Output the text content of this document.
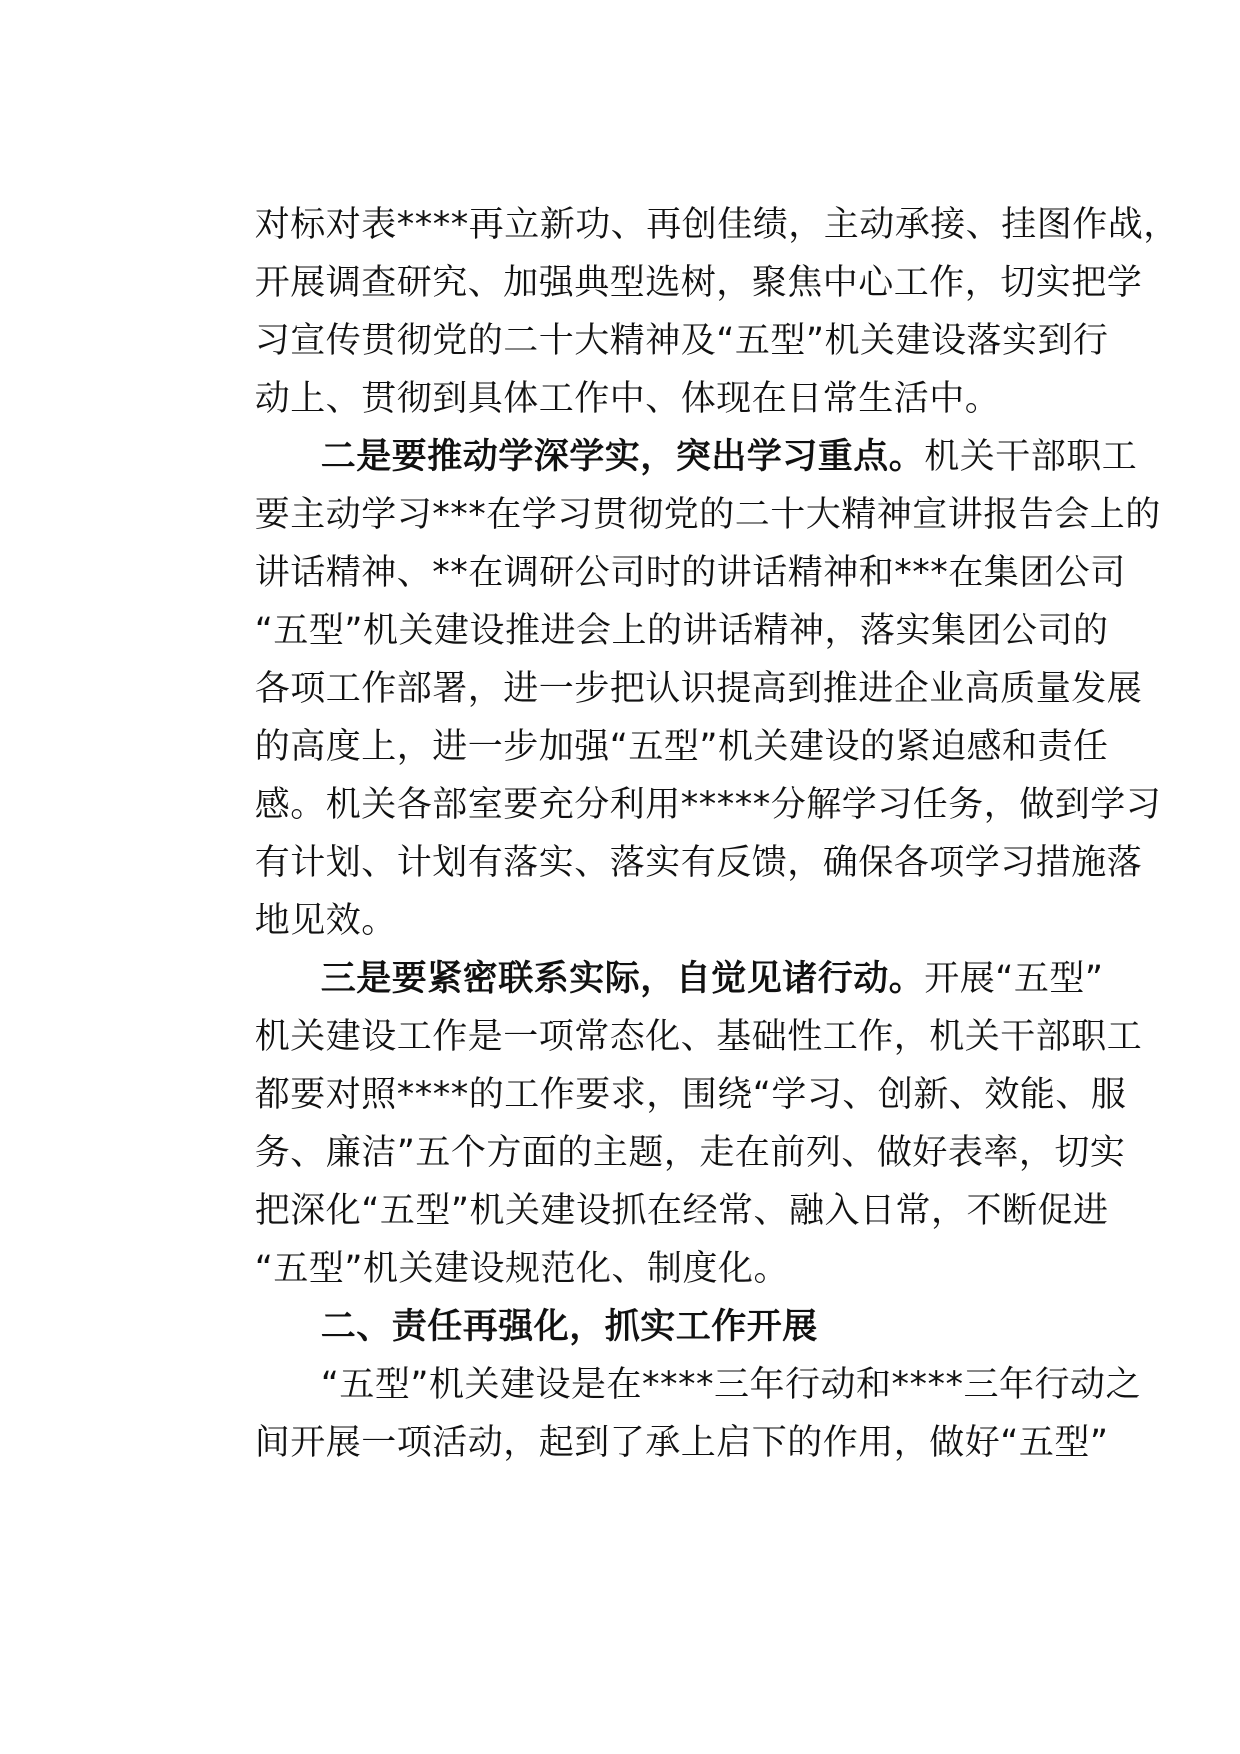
对标对表****再立新功、再创佳绩，主动承接、挂图作战，

开展调查研究、加强典型选树，聚焦中心工作，切实把学

习宣传贯彻党的二十大精神及“五型”机关建设落实到行

动上、贯彻到具体工作中、体现在日常生活中。

二是要推动学深学实，突出学习重点。机关干部职工

要主动学习***在学习贯彻党的二十大精神宣讲报告会上的

讲话精神、**在调研公司时的讲话精神和***在集团公司

“五型”机关建设推进会上的讲话精神，落实集团公司的

各项工作部署，进一步把认识提高到推进企业高质量发展

的高度上，进一步加强“五型”机关建设的紧迫感和责任

感。机关各部室要充分利用*****分解学习任务，做到学习

有计划、计划有落实、落实有反馈，确保各项学习措施落

地见效。

三是要紧密联系实际，自觉见诸行动。开展“五型”

机关建设工作是一项常态化、基础性工作，机关干部职工

都要对照****的工作要求，围绕“学习、创新、效能、服

务、廉洁”五个方面的主题，走在前列、做好表率，切实

把深化“五型”机关建设抓在经常、融入日常，不断促进

“五型”机关建设规范化、制度化。

二、责任再强化，抓实工作开展

“五型”机关建设是在****三年行动和****三年行动之

间开展一项活动，起到了承上启下的作用，做好“五型”
